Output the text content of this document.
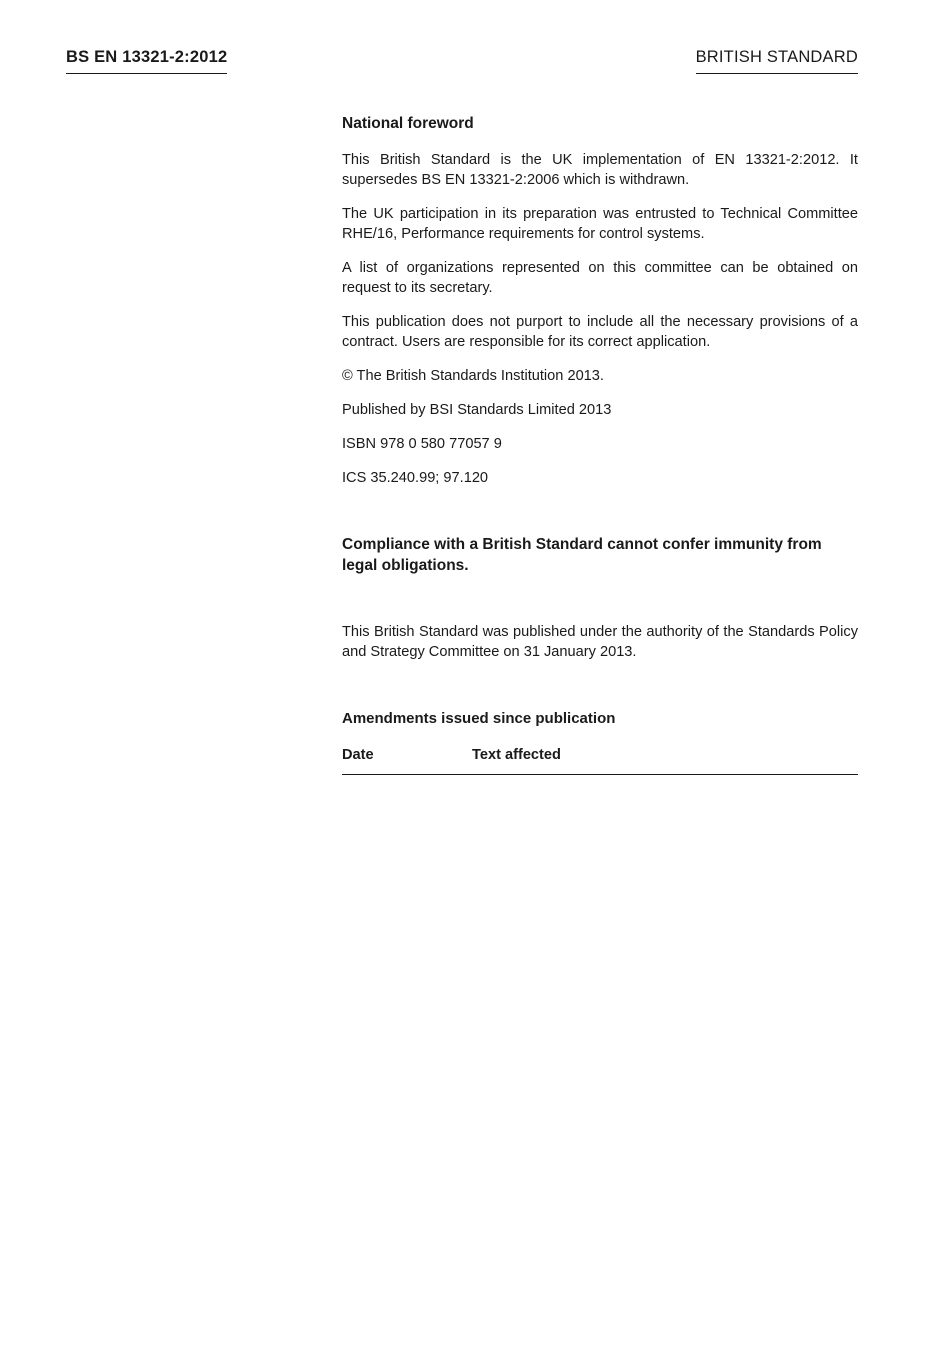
BS EN 13321-2:2012	BRITISH STANDARD
National foreword

This British Standard is the UK implementation of EN 13321-2:2012. It supersedes BS EN 13321-2:2006 which is withdrawn.

The UK participation in its preparation was entrusted to Technical Committee RHE/16, Performance requirements for control systems.

A list of organizations represented on this committee can be obtained on request to its secretary.

This publication does not purport to include all the necessary provisions of a contract. Users are responsible for its correct application.

© The British Standards Institution 2013.

Published by BSI Standards Limited 2013

ISBN 978 0 580 77057 9

ICS 35.240.99; 97.120

Compliance with a British Standard cannot confer immunity from legal obligations.

This British Standard was published under the authority of the Standards Policy and Strategy Committee on 31 January 2013.

Amendments issued since publication
Date	Text affected
